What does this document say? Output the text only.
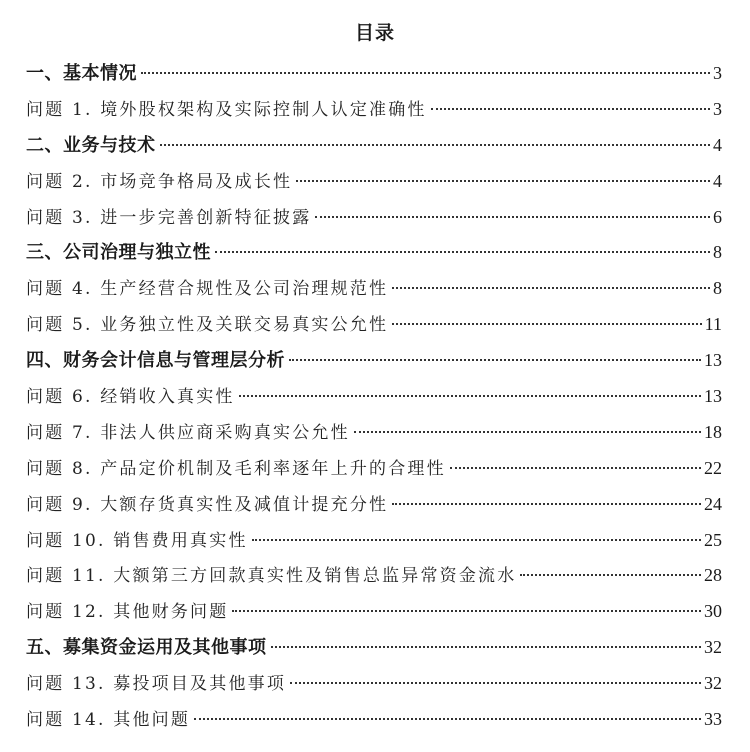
目录
一、基本情况	3
问题 1. 境外股权架构及实际控制人认定准确性	3
二、业务与技术	4
问题 2. 市场竞争格局及成长性	4
问题 3. 进一步完善创新特征披露	6
三、公司治理与独立性	8
问题 4. 生产经营合规性及公司治理规范性	8
问题 5. 业务独立性及关联交易真实公允性	11
四、财务会计信息与管理层分析	13
问题 6. 经销收入真实性	13
问题 7. 非法人供应商采购真实公允性	18
问题 8. 产品定价机制及毛利率逐年上升的合理性	22
问题 9. 大额存货真实性及减值计提充分性	24
问题 10. 销售费用真实性	25
问题 11. 大额第三方回款真实性及销售总监异常资金流水	28
问题 12. 其他财务问题	30
五、募集资金运用及其他事项	32
问题 13. 募投项目及其他事项	32
问题 14. 其他问题	33
